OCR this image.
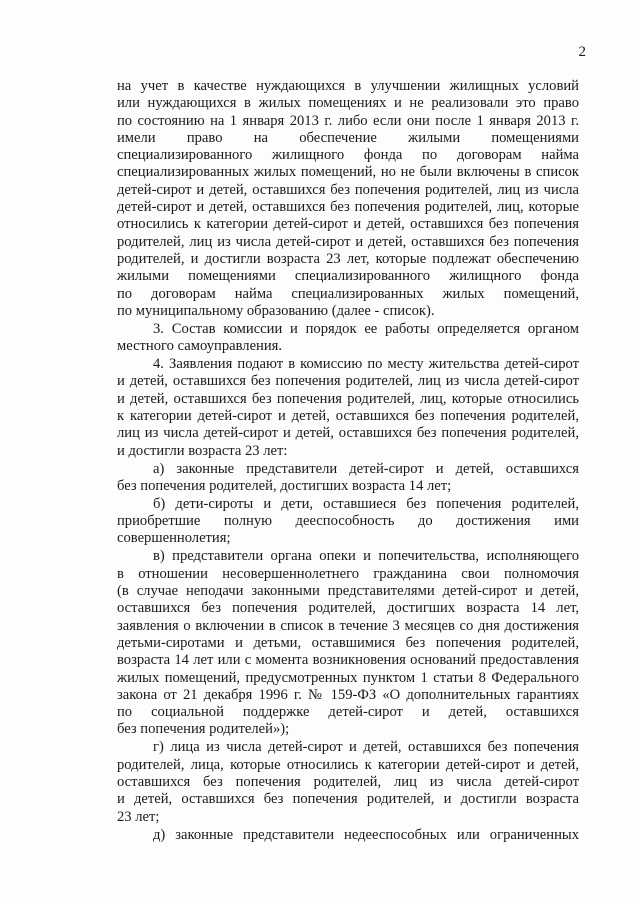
2
на учет в качестве нуждающихся в улучшении жилищных условий
или нуждающихся в жилых помещениях и не реализовали это право
по состоянию на 1 января 2013 г. либо если они после 1 января 2013 г.
имели право на обеспечение жилыми помещениями
специализированного жилищного фонда по договорам найма
специализированных жилых помещений, но не были включены в список
детей-сирот и детей, оставшихся без попечения родителей, лиц из числа
детей-сирот и детей, оставшихся без попечения родителей, лиц, которые
относились к категории детей-сирот и детей, оставшихся без попечения
родителей, лиц из числа детей-сирот и детей, оставшихся без попечения
родителей, и достигли возраста 23 лет, которые подлежат обеспечению
жилыми помещениями специализированного жилищного фонда
по договорам найма специализированных жилых помещений,
по муниципальному образованию (далее - список).
3. Состав комиссии и порядок ее работы определяется органом
местного самоуправления.
4. Заявления подают в комиссию по месту жительства детей-сирот
и детей, оставшихся без попечения родителей, лиц из числа детей-сирот
и детей, оставшихся без попечения родителей, лиц, которые относились
к категории детей-сирот и детей, оставшихся без попечения родителей,
лиц из числа детей-сирот и детей, оставшихся без попечения родителей,
и достигли возраста 23 лет:
а) законные представители детей-сирот и детей, оставшихся
без попечения родителей, достигших возраста 14 лет;
б) дети-сироты и дети, оставшиеся без попечения родителей,
приобретшие полную дееспособность до достижения ими
совершеннолетия;
в) представители органа опеки и попечительства, исполняющего
в отношении несовершеннолетнего гражданина свои полномочия
(в случае неподачи законными представителями детей-сирот и детей,
оставшихся без попечения родителей, достигших возраста 14 лет,
заявления о включении в список в течение 3 месяцев со дня достижения
детьми-сиротами и детьми, оставшимися без попечения родителей,
возраста 14 лет или с момента возникновения оснований предоставления
жилых помещений, предусмотренных пунктом 1 статьи 8 Федерального
закона от 21 декабря 1996 г. № 159-ФЗ «О дополнительных гарантиях
по социальной поддержке детей-сирот и детей, оставшихся
без попечения родителей»);
г) лица из числа детей-сирот и детей, оставшихся без попечения
родителей, лица, которые относились к категории детей-сирот и детей,
оставшихся без попечения родителей, лиц из числа детей-сирот
и детей, оставшихся без попечения родителей, и достигли возраста
23 лет;
д) законные представители недееспособных или ограниченных
